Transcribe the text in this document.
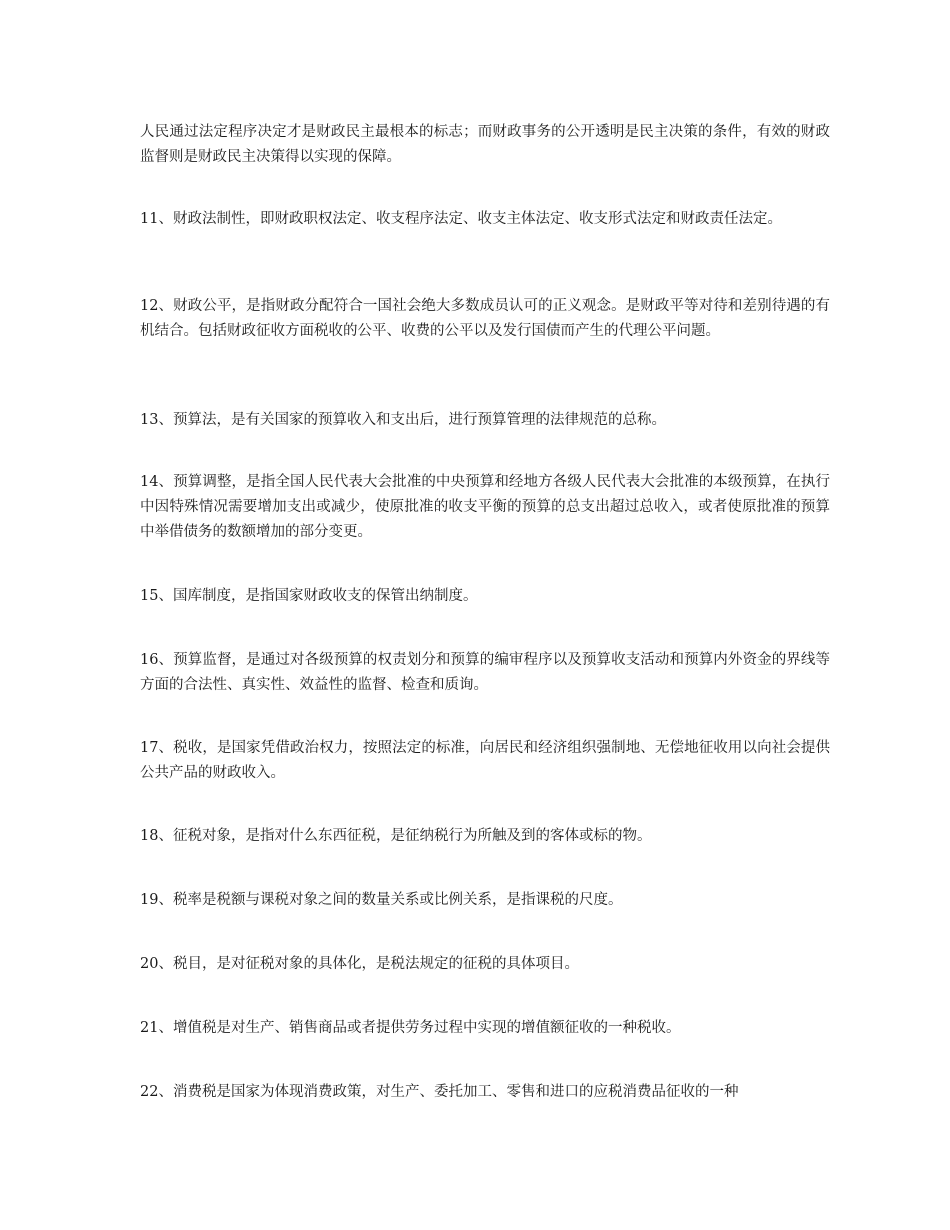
人民通过法定程序决定才是财政民主最根本的标志；而财政事务的公开透明是民主决策的条件，有效的财政监督则是财政民主决策得以实现的保障。

11、财政法制性，即财政职权法定、收支程序法定、收支主体法定、收支形式法定和财政责任法定。

12、财政公平，是指财政分配符合一国社会绝大多数成员认可的正义观念。是财政平等对待和差别待遇的有机结合。包括财政征收方面税收的公平、收费的公平以及发行国债而产生的代理公平问题。

13、预算法，是有关国家的预算收入和支出后，进行预算管理的法律规范的总称。

14、预算调整，是指全国人民代表大会批准的中央预算和经地方各级人民代表大会批准的本级预算，在执行中因特殊情况需要增加支出或减少，使原批准的收支平衡的预算的总支出超过总收入，或者使原批准的预算中举借债务的数额增加的部分变更。

15、国库制度，是指国家财政收支的保管出纳制度。

16、预算监督，是通过对各级预算的权责划分和预算的编审程序以及预算收支活动和预算内外资金的界线等方面的合法性、真实性、效益性的监督、检查和质询。

17、税收，是国家凭借政治权力，按照法定的标准，向居民和经济组织强制地、无偿地征收用以向社会提供公共产品的财政收入。

18、征税对象，是指对什么东西征税，是征纳税行为所触及到的客体或标的物。

19、税率是税额与课税对象之间的数量关系或比例关系，是指课税的尺度。

20、税目，是对征税对象的具体化，是税法规定的征税的具体项目。

21、增值税是对生产、销售商品或者提供劳务过程中实现的增值额征收的一种税收。

22、消费税是国家为体现消费政策，对生产、委托加工、零售和进口的应税消费品征收的一种
